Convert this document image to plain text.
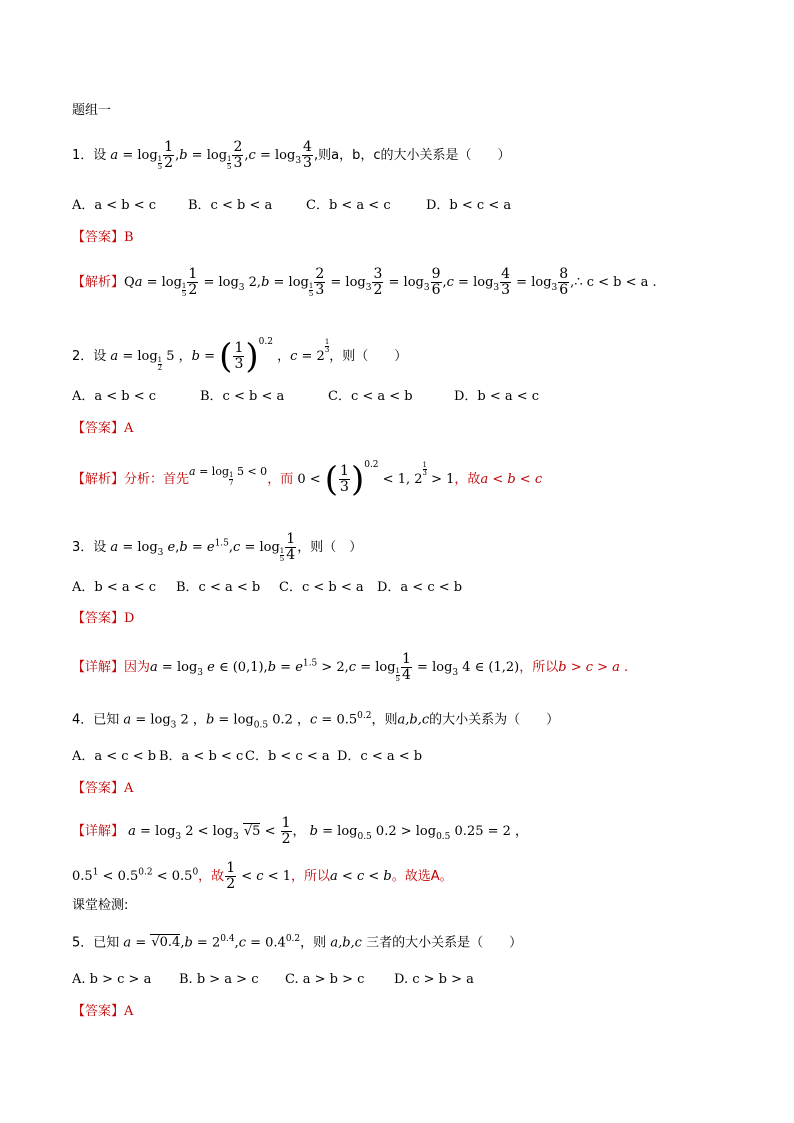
题组一
1．设 a = log
$\frac{1}{5} \frac{1}{2} ,b = \log$
$\frac{1}{5} \frac{2}{3} ,c = \log_3 \frac{4}{3}$ ,则a，b，c的大小关系是（　　）
A．a < b < c B．c < b < a	C．b < a < c	D．b < c < a
【答案】B
【解析】Qa = log
$\frac{1}{5} \frac{1}{2} = \log_3 2,b = \log$
$\frac{1}{5} \frac{2}{3} = \log_3 \frac{3}{2} = \log_3 \frac{9}{6} ,c = \log_3 \frac{4}{3} = \log_3 \frac{8}{6}$ ,∴ c < b < a .
2．设 a = log
$\frac{1}{2}$
5 ，b = ( $\frac{1}{3} )^{0.2}$ ，c = 2
$^{\frac{1}{3}}$
，则（　　）
A．a < b < c	B．c < b < a	C．c < a < b	D．b < a < c
【答案】A
【解析】分析：首先$^{a = log \frac{1}{7} 5 < 0}$，而 0 < ( $\frac{1}{3} )^{0.2} < 1$, 2
$^{\frac{1}{3}}$
> 1，故a < b < c
3．设 $a = \log_3 e,b = e^{1.5},c = \log$
$\frac{1}{5} \frac{1}{4}$ ，则（　）
A．b < a < c B．c < a < b C．c < b < a D．a < c < b
【答案】D
【详解】因为$a = \log_3 e$ ∈ $(0,1),b = e^{1.5} > 2,c = \log$
$\frac{1}{5} \frac{1}{4} = \log_3 4$ ∈ (1,2)，所以b > c > a .
4．已知 $a = \log_3 2$ ，$b = \log_{0.5} 0.2$ ，$c = 0.5^{0.2}$，则a,b,c的大小关系为（　　）
A．a < c < b B．a < b < c C．b < c < a D．c < a < b
【答案】A
【详解】 $a = \log_3 2 < \log_3 √5 < \frac{1}{2}$ ， $b = \log_{0.5} 0.2 > \log_{0.5} 0.25 = 2$ ，
$0.5^1 < 0.5^{0.2} < 0.5^0$，故 $\frac{1}{2} < c < 1$，所以a < c < b。故选A。
课堂检测:
5．已知 $a = √0.4,b = 2^{0.4},c = 0.4^{0.2}$，则 a,b,c 三者的大小关系是（　　）
A. b > c > a B. b > a > c C. a > b > c D. c > b > a
【答案】A
